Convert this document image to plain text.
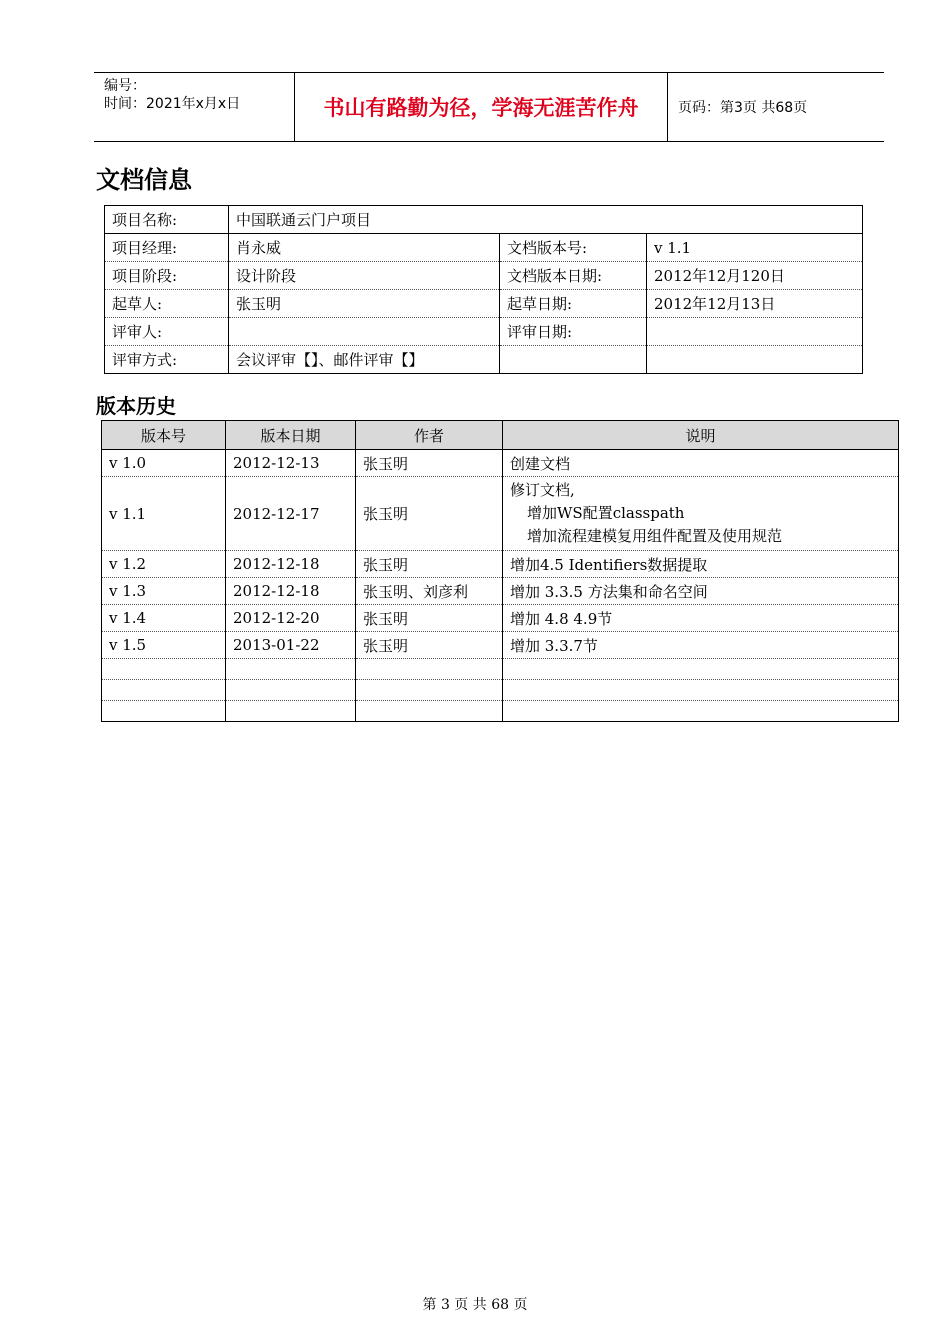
编号：
时间：2021年x月x日	书山有路勤为径，学海无涯苦作舟	页码：第3页 共68页
文档信息
项目名称:	中国联通云门户项目		
项目经理:	肖永威	文档版本号:	v 1.1
项目阶段:	设计阶段	文档版本日期:	2012年12月120日
起草人:	张玉明	起草日期:	2012年12月13日
评审人:		评审日期:	
评审方式:	会议评审【】、邮件评审【】		
版本历史
版本号	版本日期	作者	说明
v 1.0	2012-12-13	张玉明	创建文档
v 1.1	2012-12-17	张玉明	修订文档,
增加WS配置classpath
增加流程建模复用组件配置及使用规范

v 1.2	2012-12-18	张玉明	增加4.5 Identifiers数据提取
v 1.3	2012-12-18	张玉明、刘彦利	增加 3.3.5 方法集和命名空间
v 1.4	2012-12-20	张玉明	增加 4.8 4.9节
v 1.5	2013-01-22	张玉明	增加 3.3.7节

第 3 页 共 68 页
